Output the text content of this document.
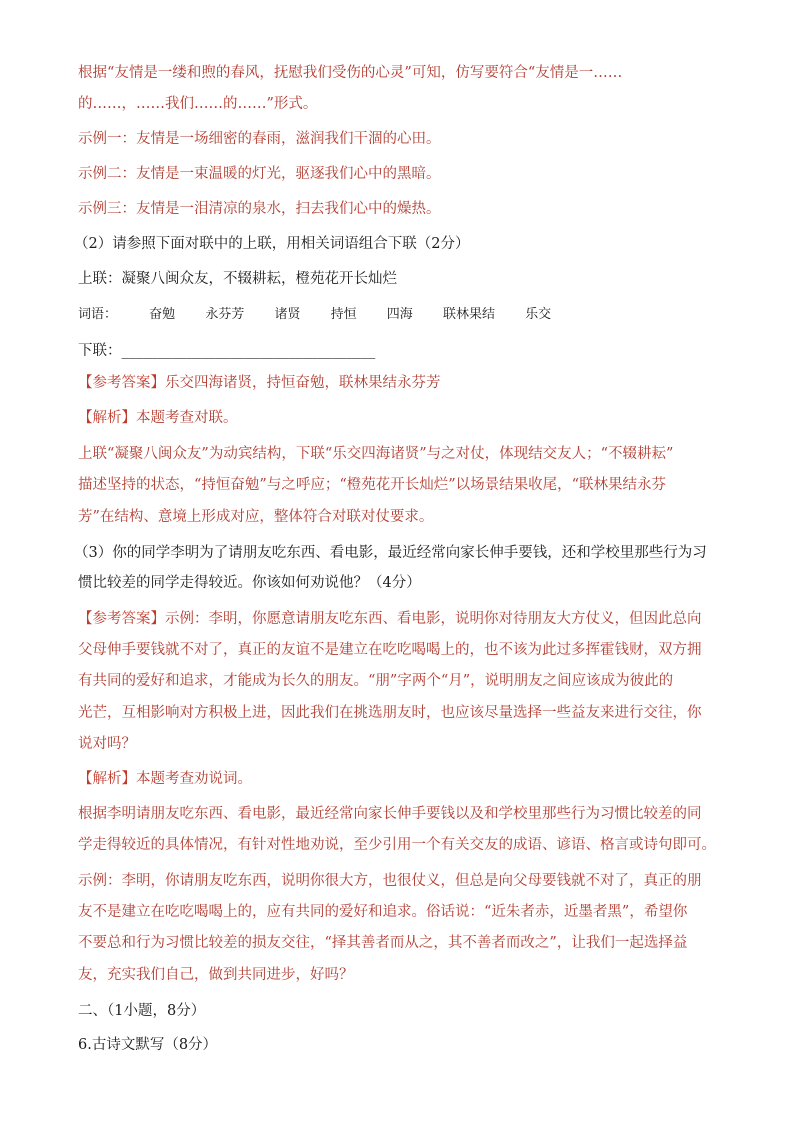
根据“友情是一缕和煦的春风，抚慰我们受伤的心灵”可知，仿写要符合“友情是一……
的……，……我们……的……”形式。
示例一：友情是一场细密的春雨，滋润我们干涸的心田。
示例二：友情是一束温暖的灯光，驱逐我们心中的黑暗。
示例三：友情是一泪清凉的泉水，扫去我们心中的燥热。
（2）请参照下面对联中的上联，用相关词语组合下联（2分）
上联：凝聚八闽众友，不辍耕耘，橙苑花开长灿烂
词语： 奋勉 永芬芳 诸贤 持恒 四海 联林果结 乐交
下联：___________________________________
【参考答案】乐交四海诸贤，持恒奋勉，联林果结永芬芳
【解析】本题考查对联。
上联“凝聚八闽众友”为动宾结构，下联“乐交四海诸贤”与之对仗，体现结交友人；“不辍耕耘”
描述坚持的状态，“持恒奋勉”与之呼应；“橙苑花开长灿烂”以场景结果收尾，“联林果结永芬
芳”在结构、意境上形成对应，整体符合对联对仗要求。
（3）你的同学李明为了请朋友吃东西、看电影，最近经常向家长伸手要钱，还和学校里那些行为习
惯比较差的同学走得较近。你该如何劝说他？（4分）
【参考答案】示例：李明，你愿意请朋友吃东西、看电影，说明你对待朋友大方仗义，但因此总向
父母伸手要钱就不对了，真正的友谊不是建立在吃吃喝喝上的，也不该为此过多挥霍钱财，双方拥
有共同的爱好和追求，才能成为长久的朋友。“朋”字两个“月”，说明朋友之间应该成为彼此的
光芒，互相影响对方积极上进，因此我们在挑选朋友时，也应该尽量选择一些益友来进行交往，你
说对吗？
【解析】本题考查劝说词。
根据李明请朋友吃东西、看电影，最近经常向家长伸手要钱以及和学校里那些行为习惯比较差的同
学走得较近的具体情况，有针对性地劝说，至少引用一个有关交友的成语、谚语、格言或诗句即可。
示例：李明，你请朋友吃东西，说明你很大方，也很仗义，但总是向父母要钱就不对了，真正的朋
友不是建立在吃吃喝喝上的，应有共同的爱好和追求。俗话说：“近朱者赤，近墨者黑”，希望你
不要总和行为习惯比较差的损友交往，“择其善者而从之，其不善者而改之”，让我们一起选择益
友，充实我们自己，做到共同进步，好吗？
二、（1小题，8分）
6.古诗文默写（8分）
